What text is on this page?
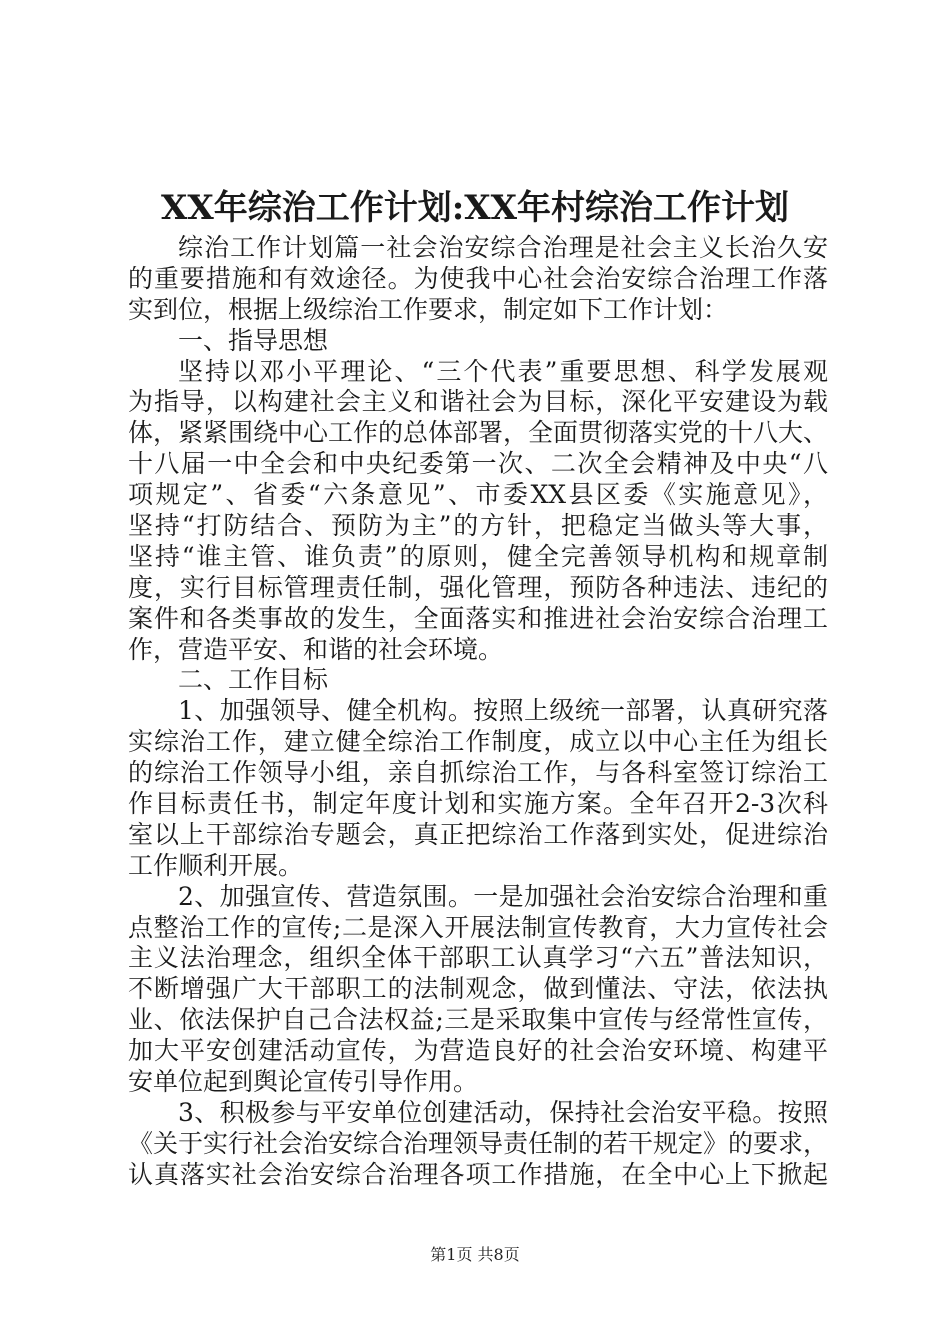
XX年综治工作计划:XX年村综治工作计划
综治工作计划篇一社会治安综合治理是社会主义长治久安
的重要措施和有效途径。为使我中心社会治安综合治理工作落
实到位，根据上级综治工作要求，制定如下工作计划：
一、指导思想
坚持以邓小平理论、“三个代表”重要思想、科学发展观
为指导，以构建社会主义和谐社会为目标，深化平安建设为载
体，紧紧围绕中心工作的总体部署，全面贯彻落实党的十八大、
十八届一中全会和中央纪委第一次、二次全会精神及中央“八
项规定”、省委“六条意见”、市委XX县区委《实施意见》，
坚持“打防结合、预防为主”的方针，把稳定当做头等大事，
坚持“谁主管、谁负责”的原则，健全完善领导机构和规章制
度，实行目标管理责任制，强化管理，预防各种违法、违纪的
案件和各类事故的发生，全面落实和推进社会治安综合治理工
作，营造平安、和谐的社会环境。
二、工作目标
1、加强领导、健全机构。按照上级统一部署，认真研究落
实综治工作，建立健全综治工作制度，成立以中心主任为组长
的综治工作领导小组，亲自抓综治工作，与各科室签订综治工
作目标责任书，制定年度计划和实施方案。全年召开2-3次科
室以上干部综治专题会，真正把综治工作落到实处，促进综治
工作顺利开展。
2、加强宣传、营造氛围。一是加强社会治安综合治理和重
点整治工作的宣传;二是深入开展法制宣传教育，大力宣传社会
主义法治理念，组织全体干部职工认真学习“六五”普法知识，
不断增强广大干部职工的法制观念，做到懂法、守法，依法执
业、依法保护自己合法权益;三是采取集中宣传与经常性宣传，
加大平安创建活动宣传，为营造良好的社会治安环境、构建平
安单位起到舆论宣传引导作用。
3、积极参与平安单位创建活动，保持社会治安平稳。按照
《关于实行社会治安综合治理领导责任制的若干规定》的要求，
认真落实社会治安综合治理各项工作措施，在全中心上下掀起
第1页 共8页
